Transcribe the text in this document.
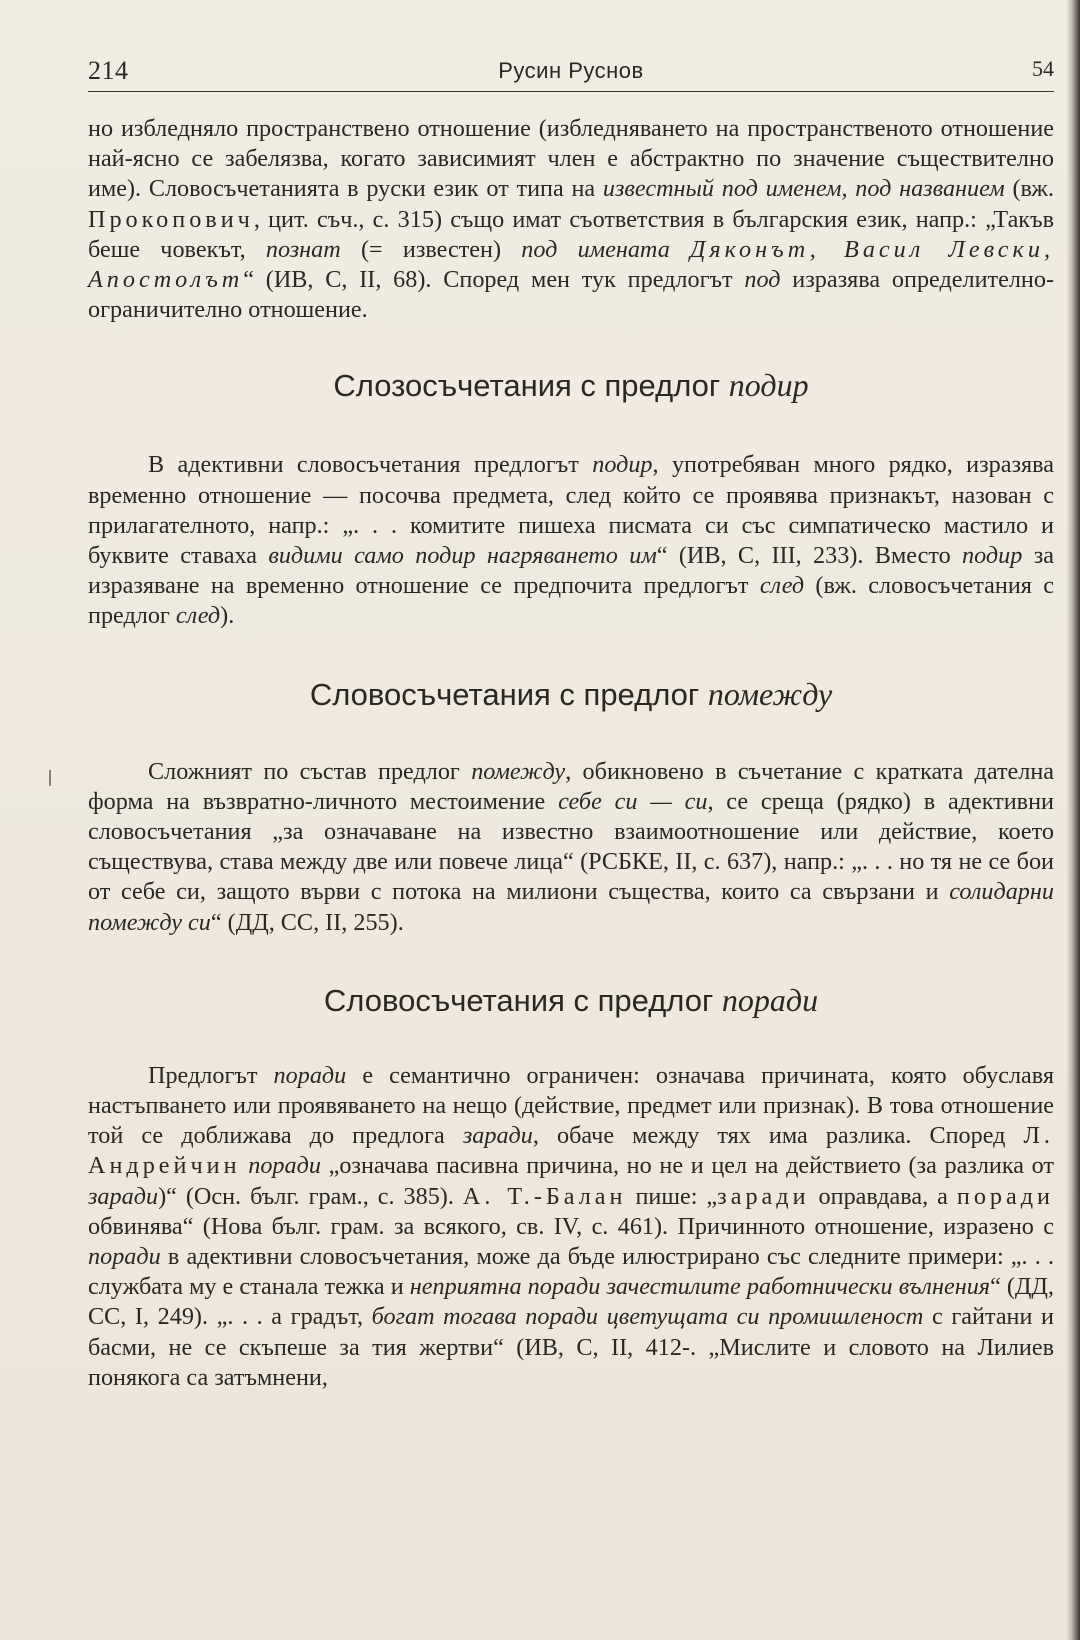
214	Русин Руснов	54

но избледняло пространствено отношение (избледняването на пространственото отношение най-ясно се забелязва, когато зависимият член е абстрактно по значение съществително име). Словосъчетанията в руски език от типа на известный под именем, под названием (вж. Прокопович, цит. съч., с. 315) също имат съответствия в българския език, напр.: „Такъв беше човекът, познат (= известен) под имената Дяконът, Васил Левски, Апостолът“ (ИВ, С, II, 68). Според мен тук предлогът под изразява определително-ограничително отношение.

Слозосъчетания с предлог подир

В адективни словосъчетания предлогът подир, употребяван много рядко, изразява временно отношение — посочва предмета, след който се проявява признакът, назован с прилагателното, напр.: „. . . комитите пишеха писмата си със симпатическо мастило и буквите ставаха видими само подир нагряването им“ (ИВ, С, III, 233). Вместо подир за изразяване на временно отношение се предпочита предлогът след (вж. словосъчетания с предлог след).

Словосъчетания с предлог помежду

Сложният по състав предлог помежду, обикновено в съчетание с кратката дателна форма на възвратно-личното местоимение себе си — си, се среща (рядко) в адективни словосъчетания „за означаване на известно взаимоотношение или действие, което съществува, става между две или повече лица“ (РСБКЕ, II, с. 637), напр.: „. . . но тя не се бои от себе си, защото върви с потока на милиони същества, които са свързани и солидарни помежду си“ (ДД, СС, II, 255).

Словосъчетания с предлог поради

Предлогът поради е семантично ограничен: означава причината, която обуславя настъпването или проявяването на нещо (действие, предмет или признак). В това отношение той се доближава до предлога заради, обаче между тях има разлика. Според Л. Андрейчин поради „означава пасивна причина, но не и цел на действието (за разлика от заради)“ (Осн. бълг. грам., с. 385). А. Т.-Балан пише: „заради оправдава, а поради обвинява“ (Нова бълг. грам. за всякого, св. IV, с. 461). Причинното отношение, изразено с поради в адективни словосъчетания, може да бъде илюстрирано със следните примери: „. . . службата му е станала тежка и неприятна поради зачестилите работнически вълнения“ (ДД, СС, I, 249). „. . . а градът, богат тогава поради цветущата си промишленост с гайтани и басми, не се скъпеше за тия жертви“ (ИВ, С, II, 412-. „Мислите и словото на Лилиев понякога са затъмнени,
